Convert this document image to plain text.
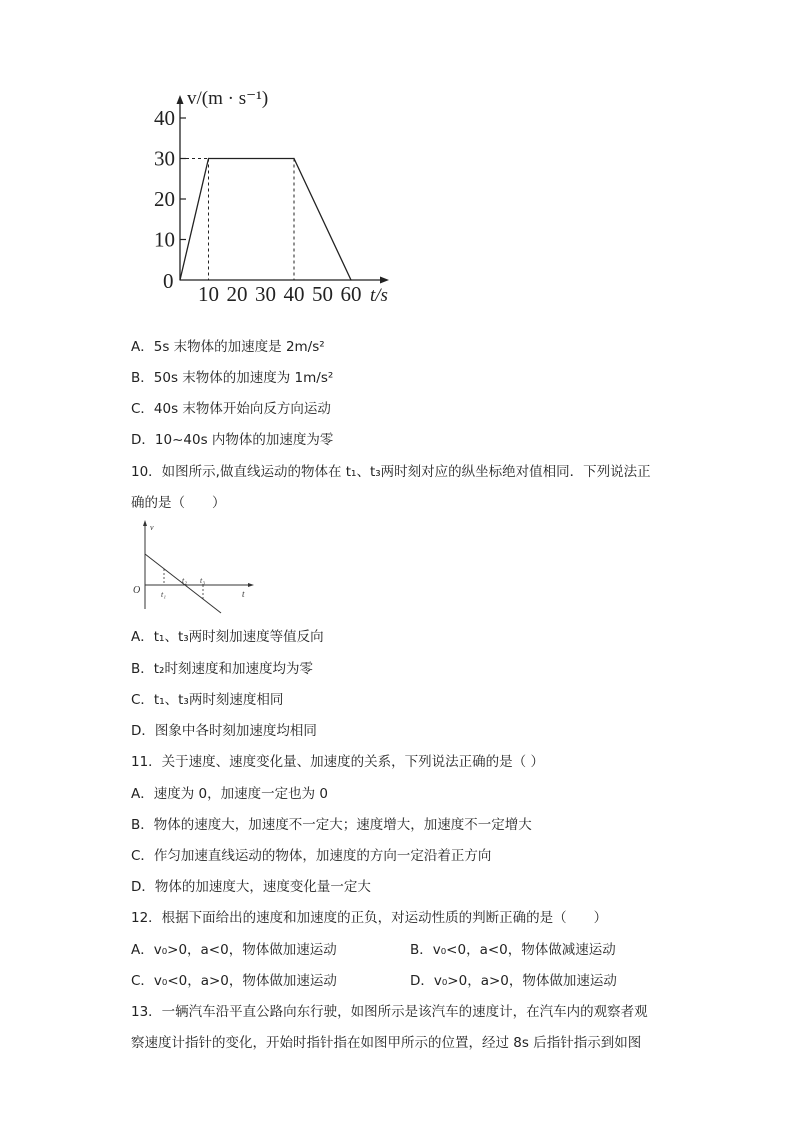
40
30
20
10
10 20 30 40 50 60
v/(m · s⁻¹)
t/s
0
A．5s 末物体的加速度是 2m/s²
B．50s 末物体的加速度为 1m/s²
C．40s 末物体开始向反方向运动
D．10~40s 内物体的加速度为零
10．如图所示,做直线运动的物体在 t₁、t₃两时刻对应的纵坐标绝对值相同．下列说法正
确的是（　　）
v
O	t
t₁
t₂ t₃
A．t₁、t₃两时刻加速度等值反向
B．t₂时刻速度和加速度均为零
C．t₁、t₃两时刻速度相同
D．图象中各时刻加速度均相同
11．关于速度、速度变化量、加速度的关系，下列说法正确的是（ ）
A．速度为 0，加速度一定也为 0
B．物体的速度大，加速度不一定大；速度增大，加速度不一定增大
C．作匀加速直线运动的物体，加速度的方向一定沿着正方向
D．物体的加速度大，速度变化量一定大
12．根据下面给出的速度和加速度的正负，对运动性质的判断正确的是（　　）
A．v₀>0，a<0，物体做加速运动	B．v₀<0，a<0，物体做减速运动
C．v₀<0，a>0，物体做加速运动	D．v₀>0，a>0，物体做加速运动
13．一辆汽车沿平直公路向东行驶，如图所示是该汽车的速度计，在汽车内的观察者观
察速度计指针的变化，开始时指针指在如图甲所示的位置，经过 8s 后指针指示到如图
